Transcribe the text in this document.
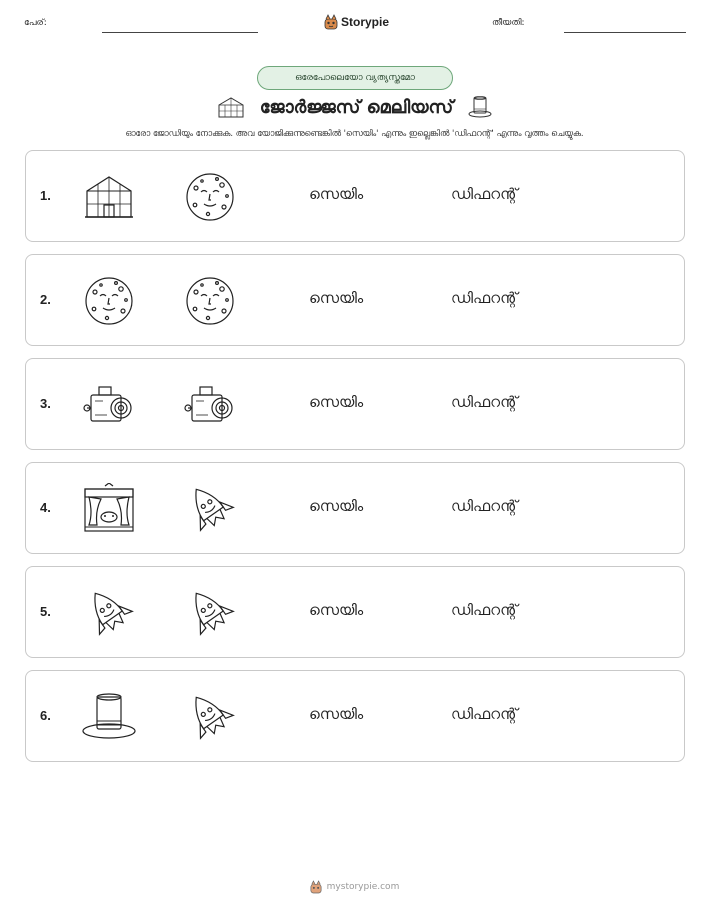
പേര്:	Storypie	തീയതി:
ഒരേപോലെയോ വ്യത്യസ്തമോ
ജോർജ്ജസ് മെലിയസ്
ഓരോ ജോഡിയും നോക്കുക. അവ യോജിക്കുന്നുണ്ടെങ്കിൽ 'സെയിം' എന്നും ഇല്ലെങ്കിൽ 'ഡിഫറന്റ്' എന്നും വൃത്തം ചെയ്യുക.
1.	സെയിം	ഡിഫറന്റ്
2.	സെയിം	ഡിഫറന്റ്
3.	സെയിം	ഡിഫറന്റ്
4.	സെയിം	ഡിഫറന്റ്
5.	സെയിം	ഡിഫറന്റ്
6.	സെയിം	ഡിഫറന്റ്
mystorypie.com
